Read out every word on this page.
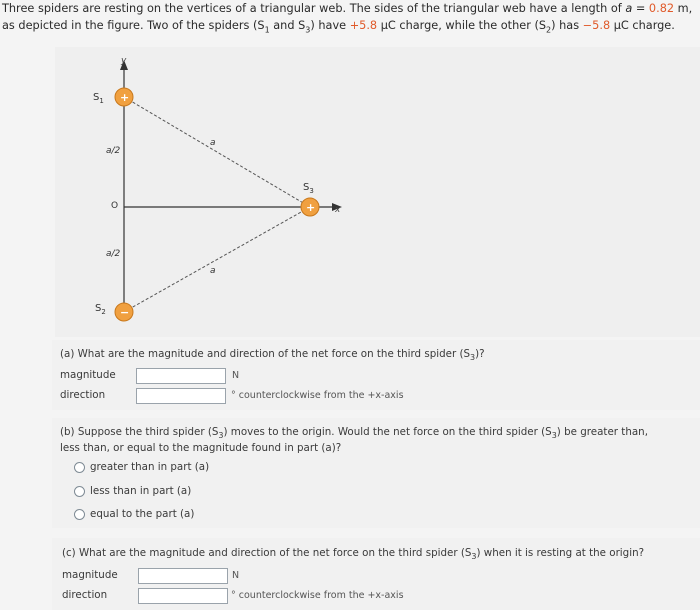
Three spiders are resting on the vertices of a triangular web. The sides of the triangular web have a length of a = 0.82 m,
as depicted in the figure. Two of the spiders ($S_1$ and $S_3$) have +5.8 µC charge, while the other $(S_2)$ has −5.8 µC charge.
y
x
$S_1$
a/2
O
a/2
$S_2$
a
a
$S_3$
+
+
−
(a) What are the magnitude and direction of the net force on the third spider $(S_3)$?
magnitude	N
direction	° counterclockwise from the +x-axis
(b) Suppose the third spider $(S_3)$ moves to the origin. Would the net force on the third spider $(S_3)$ be greater than,
less than, or equal to the magnitude found in part (a)?
greater than in part (a)
less than in part (a)
equal to the part (a)
(c) What are the magnitude and direction of the net force on the third spider $(S_3)$ when it is resting at the origin?
magnitude	N
direction	° counterclockwise from the +x-axis
